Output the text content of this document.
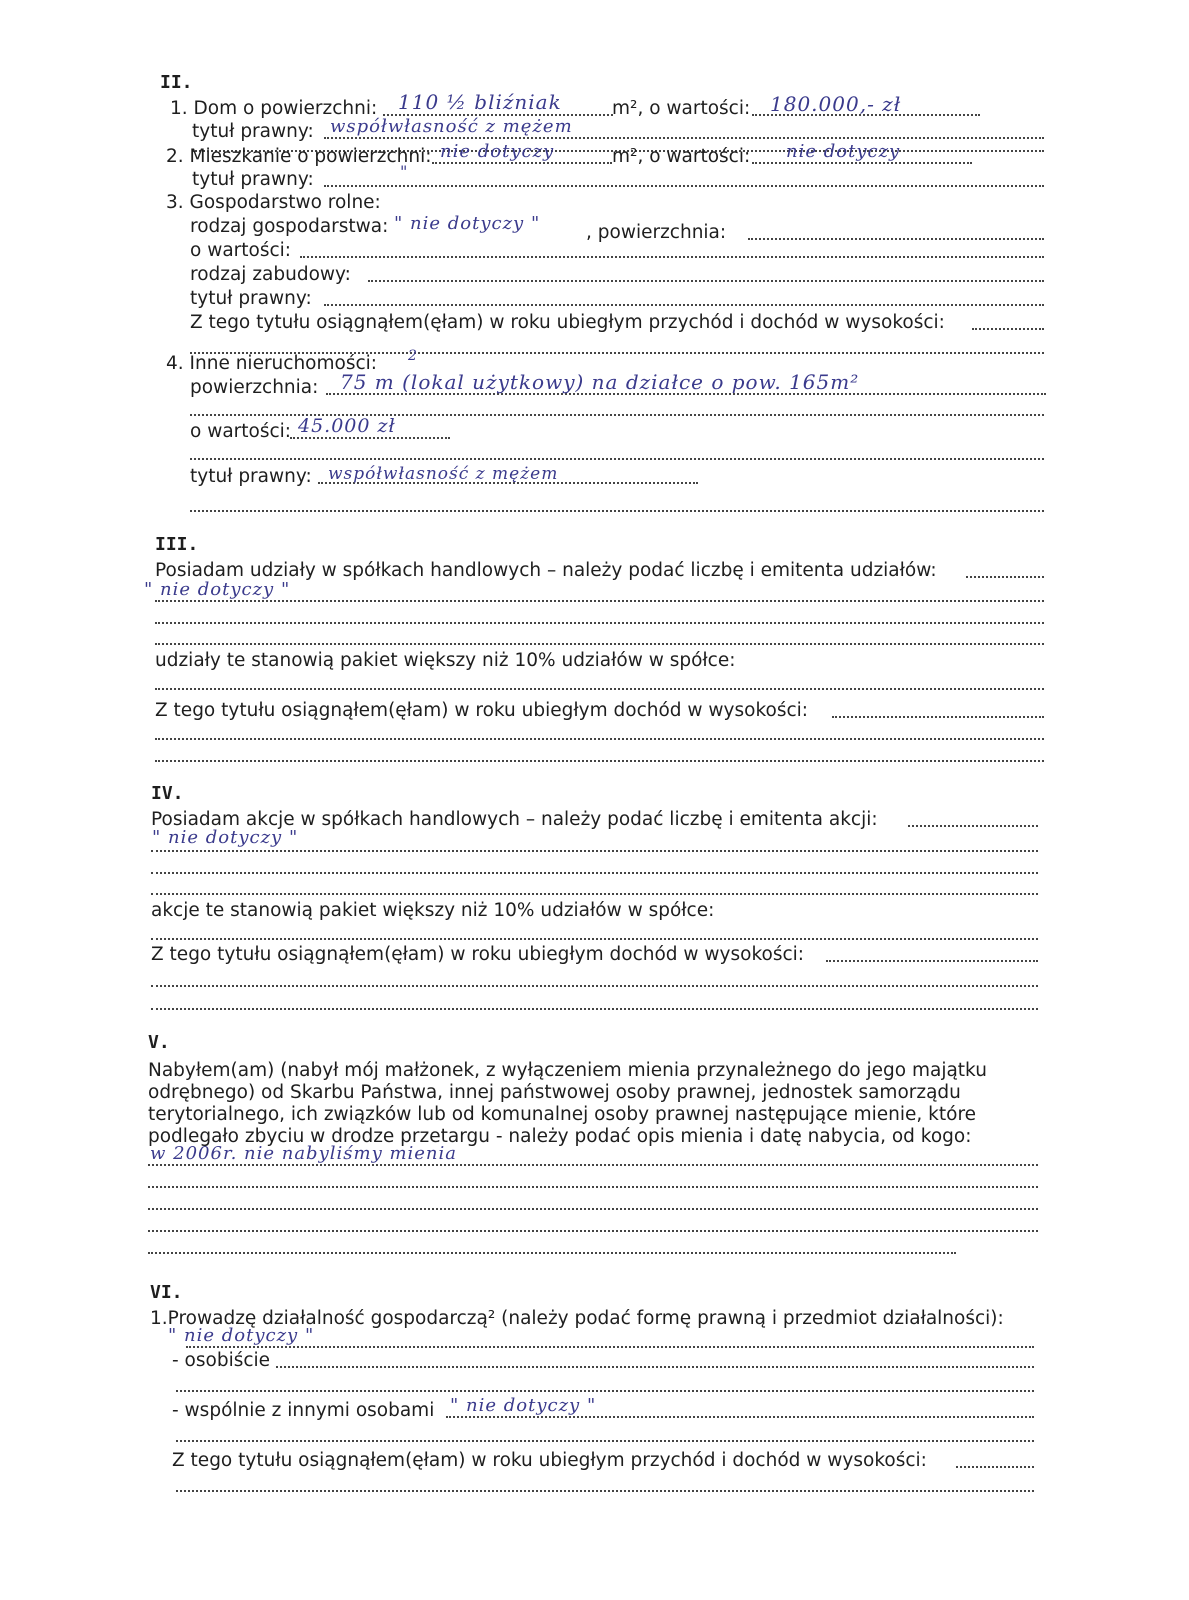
II.
1. Dom o powierzchni: 110 ½ bliźniak	m², o wartości: 180.000,- zł
tytuł prawny: współwłasność z mężem
2. Mieszkanie o powierzchni: nie dotyczy	m², o wartości: nie dotyczy
tytuł prawny:	"
3. Gospodarstwo rolne:
rodzaj gospodarstwa: " nie dotyczy " , powierzchnia:
o wartości:
rodzaj zabudowy:
tytuł prawny:
Z tego tytułu osiągnąłem(ęłam) w roku ubiegłym przychód i dochód w wysokości:
4. Inne nieruchomości: 2
powierzchnia: 75 m (lokal użytkowy) na działce o pow. 165m²
o wartości: 45.000 zł
tytuł prawny: współwłasność z mężem
III.
Posiadam udziały w spółkach handlowych – należy podać liczbę i emitenta udziałów:
" nie dotyczy "
udziały te stanowią pakiet większy niż 10% udziałów w spółce:
Z tego tytułu osiągnąłem(ęłam) w roku ubiegłym dochód w wysokości:
IV.
Posiadam akcje w spółkach handlowych – należy podać liczbę i emitenta akcji:
" nie dotyczy "
akcje te stanowią pakiet większy niż 10% udziałów w spółce:
Z tego tytułu osiągnąłem(ęłam) w roku ubiegłym dochód w wysokości:
V.
Nabyłem(am) (nabył mój małżonek, z wyłączeniem mienia przynależnego do jego majątku
odrębnego) od Skarbu Państwa, innej państwowej osoby prawnej, jednostek samorządu
terytorialnego, ich związków lub od komunalnej osoby prawnej następujące mienie, które
podlegało zbyciu w drodze przetargu - należy podać opis mienia i datę nabycia, od kogo:
w 2006r. nie nabyliśmy mienia
VI.
1.Prowadzę działalność gospodarczą² (należy podać formę prawną i przedmiot działalności):
" nie dotyczy "
- osobiście
- wspólnie z innymi osobami " nie dotyczy "
Z tego tytułu osiągnąłem(ęłam) w roku ubiegłym przychód i dochód w wysokości:
